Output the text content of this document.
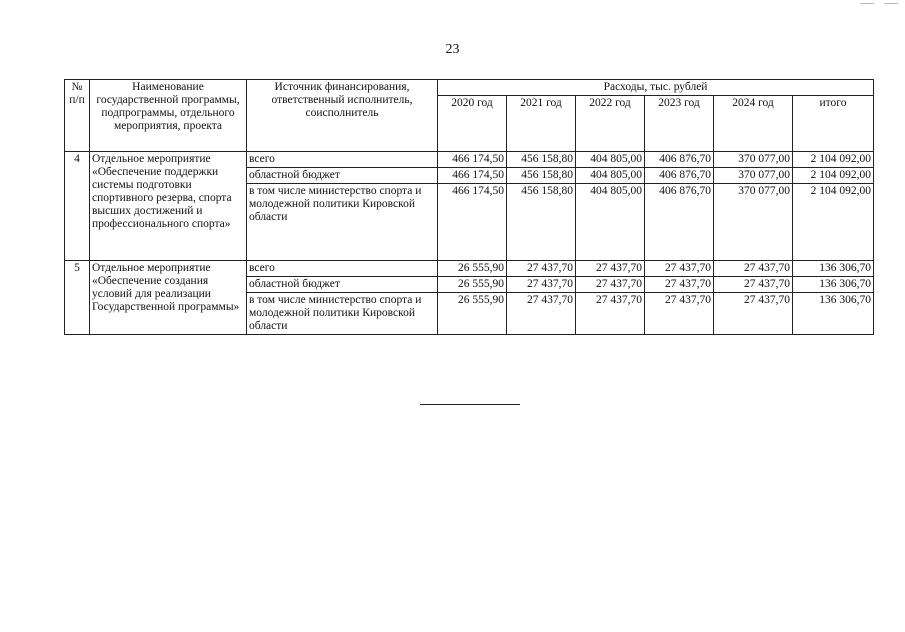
23
№ п/п	Наименование государственной программы, подпрограммы, отдельного мероприятия, проекта	Источник финансирования, ответственный исполнитель, соисполнитель	Расходы, тыс. рублей					
			2020 год	2021 год	2022 год	2023 год	2024 год	итого
4	Отдельное мероприятие «Обеспечение поддержки системы подготовки спортивного резерва, спорта высших достижений и профессионального спорта»	всего	466 174,50	456 158,80	404 805,00	406 876,70	370 077,00	2 104 092,00
		областной бюджет	466 174,50	456 158,80	404 805,00	406 876,70	370 077,00	2 104 092,00
		в том числе министерство спорта и молодежной политики Кировской области	466 174,50	456 158,80	404 805,00	406 876,70	370 077,00	2 104 092,00
5	Отдельное мероприятие «Обеспечение создания условий для реализации Государственной программы»	всего	26 555,90	27 437,70	27 437,70	27 437,70	27 437,70	136 306,70
		областной бюджет	26 555,90	27 437,70	27 437,70	27 437,70	27 437,70	136 306,70
		в том числе министерство спорта и молодежной политики Кировской области	26 555,90	27 437,70	27 437,70	27 437,70	27 437,70	136 306,70
